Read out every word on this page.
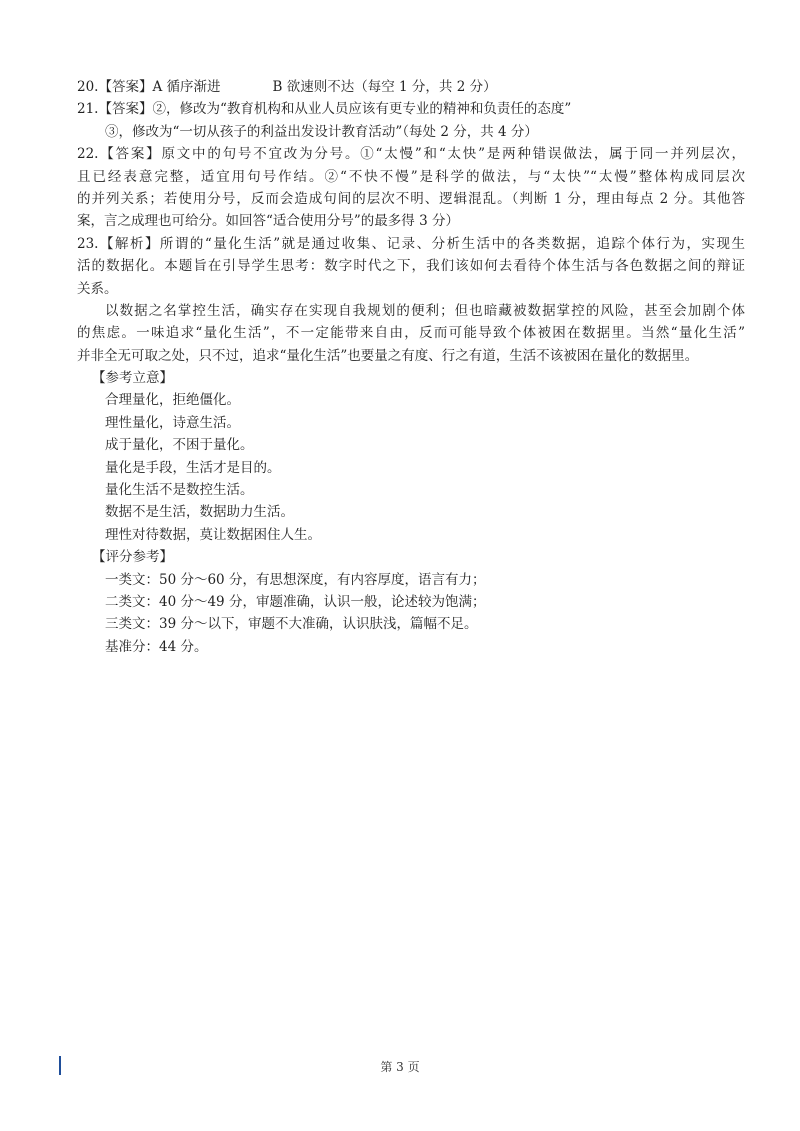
20.【答案】A 循序渐进	B 欲速则不达（每空 1 分，共 2 分）
21.【答案】②，修改为“教育机构和从业人员应该有更专业的精神和负责任的态度”
③，修改为“一切从孩子的利益出发设计教育活动”（每处 2 分，共 4 分）
22.【答案】原文中的句号不宜改为分号。①“太慢”和“太快”是两种错误做法，属于同一并列层次，
且已经表意完整，适宜用句号作结。②“不快不慢”是科学的做法，与“太快”“太慢”整体构成同层次
的并列关系；若使用分号，反而会造成句间的层次不明、逻辑混乱。（判断 1 分，理由每点 2 分。其他答
案，言之成理也可给分。如回答“适合使用分号”的最多得 3 分）
23.【解析】所谓的“量化生活”就是通过收集、记录、分析生活中的各类数据，追踪个体行为，实现生
活的数据化。本题旨在引导学生思考：数字时代之下，我们该如何去看待个体生活与各色数据之间的辩证
关系。
以数据之名掌控生活，确实存在实现自我规划的便利；但也暗藏被数据掌控的风险，甚至会加剧个体
的焦虑。一味追求“量化生活”，不一定能带来自由，反而可能导致个体被困在数据里。当然“量化生活”
并非全无可取之处，只不过，追求“量化生活”也要量之有度、行之有道，生活不该被困在量化的数据里。
【参考立意】
合理量化，拒绝僵化。
理性量化，诗意生活。
成于量化，不困于量化。
量化是手段，生活才是目的。
量化生活不是数控生活。
数据不是生活，数据助力生活。
理性对待数据，莫让数据困住人生。
【评分参考】
一类文：50 分～60 分，有思想深度，有内容厚度，语言有力；
二类文：40 分～49 分，审题准确，认识一般，论述较为饱满；
三类文：39 分～以下，审题不大准确，认识肤浅，篇幅不足。
基准分：44 分。
第 3 页
